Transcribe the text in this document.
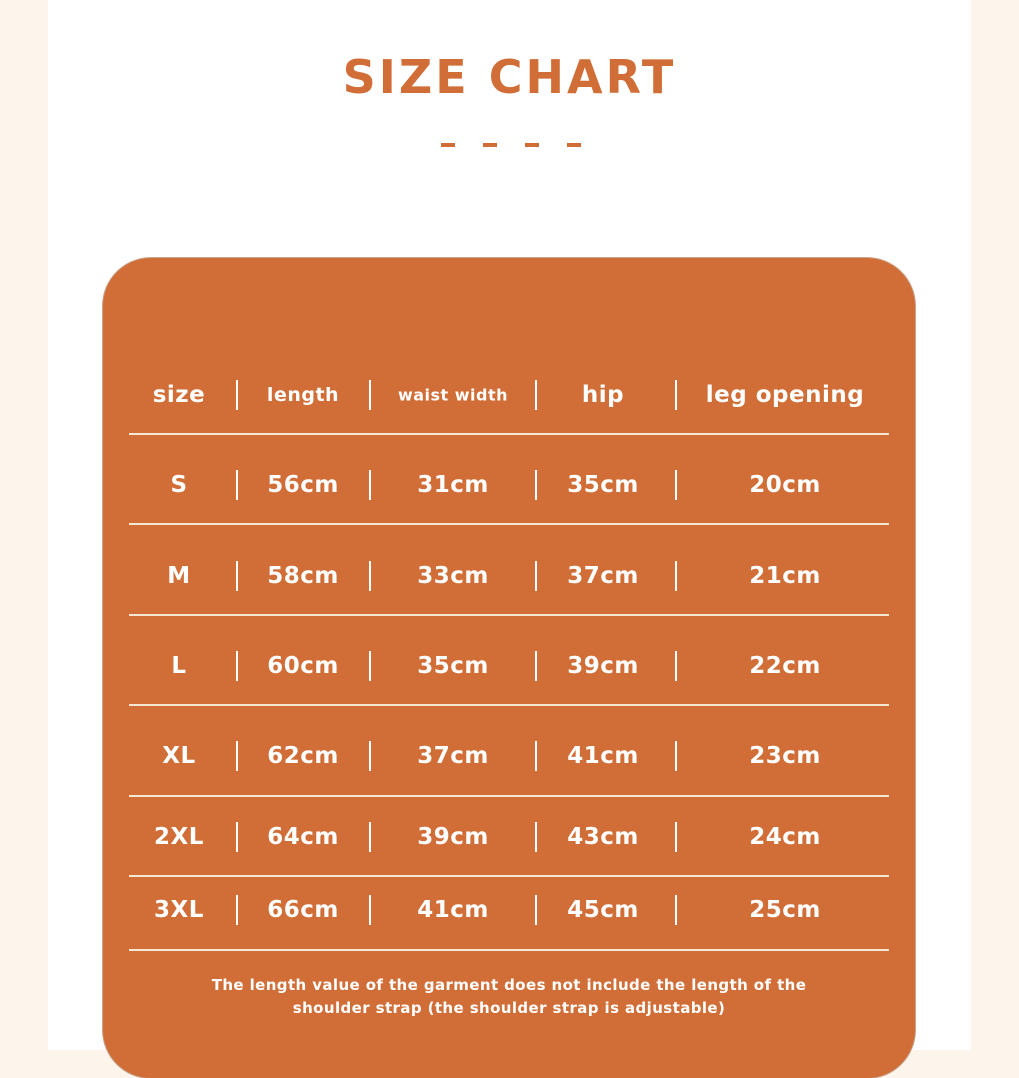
SIZE CHART
The length value of the garment does not include the length of the
shoulder strap (the shoulder strap is adjustable)
size	length	waist width	hip	leg opening
S	56cm	31cm	35cm	20cm
M	58cm	33cm	37cm	21cm
L	60cm	35cm	39cm	22cm
XL	62cm	37cm	41cm	23cm
2XL	64cm	39cm	43cm	24cm
3XL	66cm	41cm	45cm	25cm
